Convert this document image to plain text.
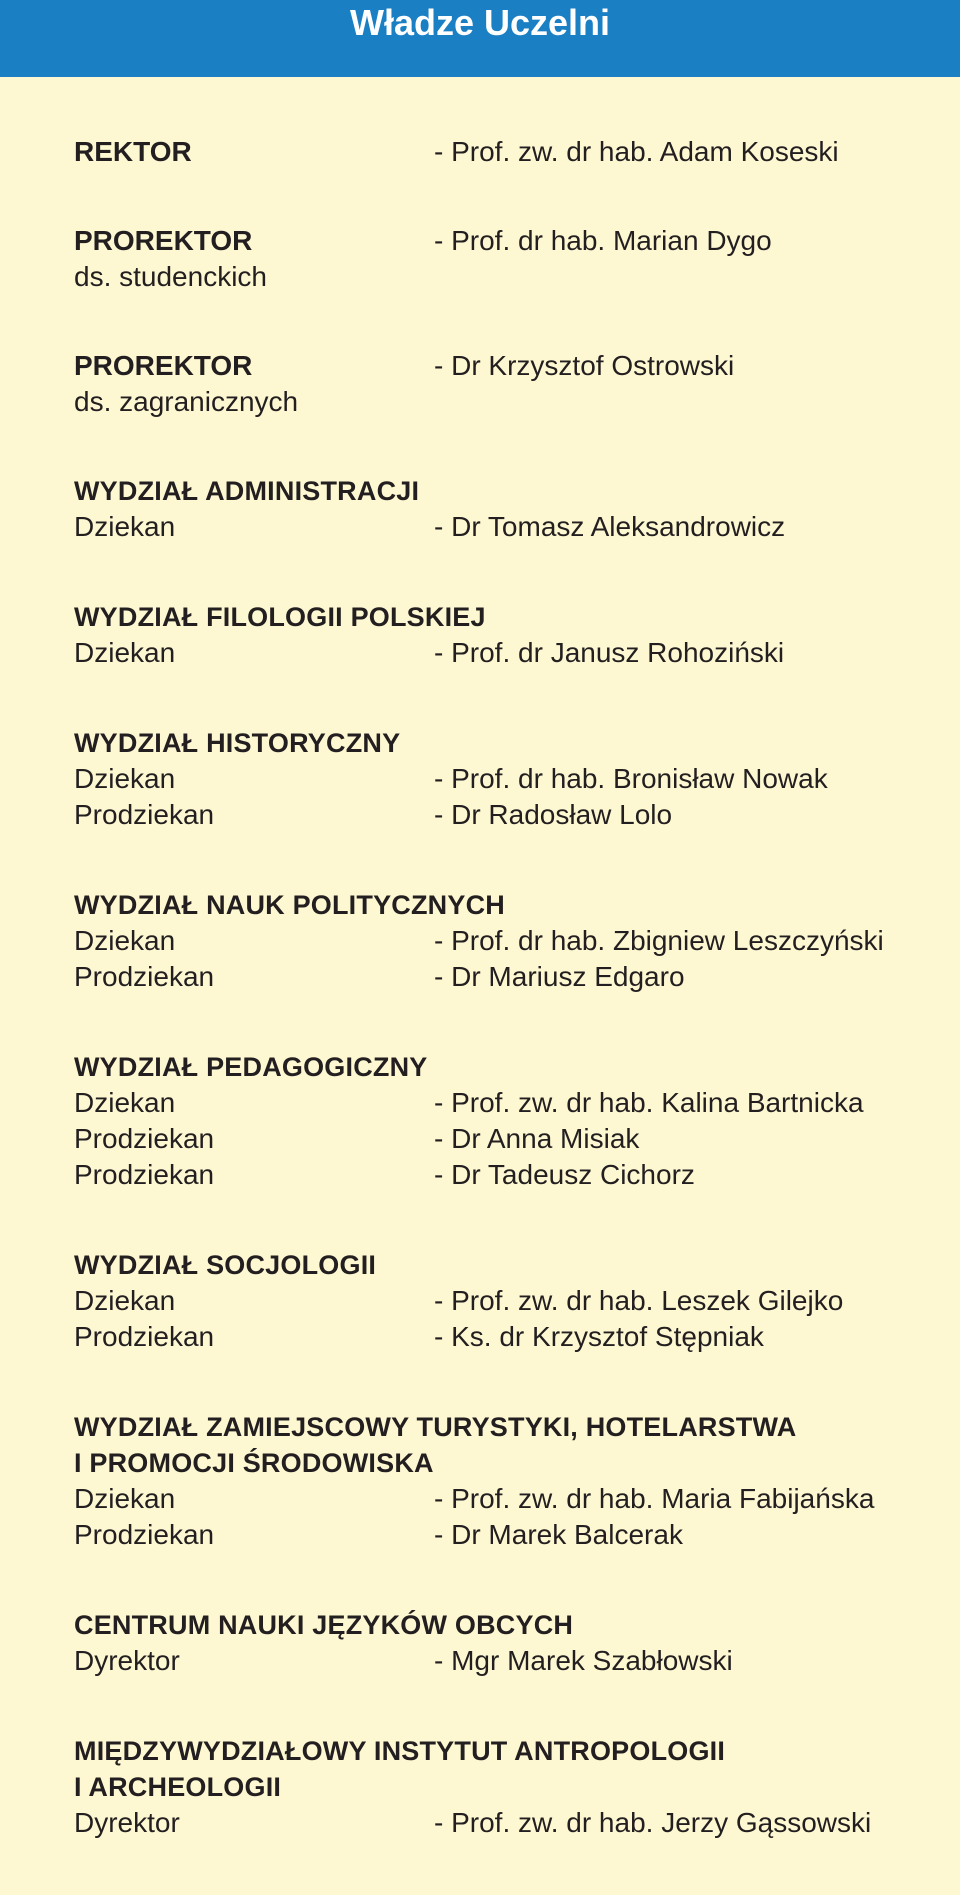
Władze Uczelni
REKTOR	- Prof. zw. dr hab. Adam Koseski
PROREKTOR	- Prof. dr hab. Marian Dygo
ds. studenckich
PROREKTOR	- Dr Krzysztof Ostrowski
ds. zagranicznych
WYDZIAŁ ADMINISTRACJI
Dziekan	- Dr Tomasz Aleksandrowicz
WYDZIAŁ FILOLOGII POLSKIEJ
Dziekan	- Prof. dr Janusz Rohoziński
WYDZIAŁ HISTORYCZNY
Dziekan	- Prof. dr hab. Bronisław Nowak
Prodziekan	- Dr Radosław Lolo
WYDZIAŁ NAUK POLITYCZNYCH
Dziekan	- Prof. dr hab. Zbigniew Leszczyński
Prodziekan	- Dr Mariusz Edgaro
WYDZIAŁ PEDAGOGICZNY
Dziekan	- Prof. zw. dr hab. Kalina Bartnicka
Prodziekan	- Dr Anna Misiak
Prodziekan	- Dr Tadeusz Cichorz
WYDZIAŁ SOCJOLOGII
Dziekan	- Prof. zw. dr hab. Leszek Gilejko
Prodziekan	- Ks. dr Krzysztof Stępniak
WYDZIAŁ ZAMIEJSCOWY TURYSTYKI, HOTELARSTWA
I PROMOCJI ŚRODOWISKA
Dziekan	- Prof. zw. dr hab. Maria Fabijańska
Prodziekan	- Dr Marek Balcerak
CENTRUM NAUKI JĘZYKÓW OBCYCH
Dyrektor	- Mgr Marek Szabłowski
MIĘDZYWYDZIAŁOWY INSTYTUT ANTROPOLOGII
I ARCHEOLOGII
Dyrektor	- Prof. zw. dr hab. Jerzy Gąssowski
